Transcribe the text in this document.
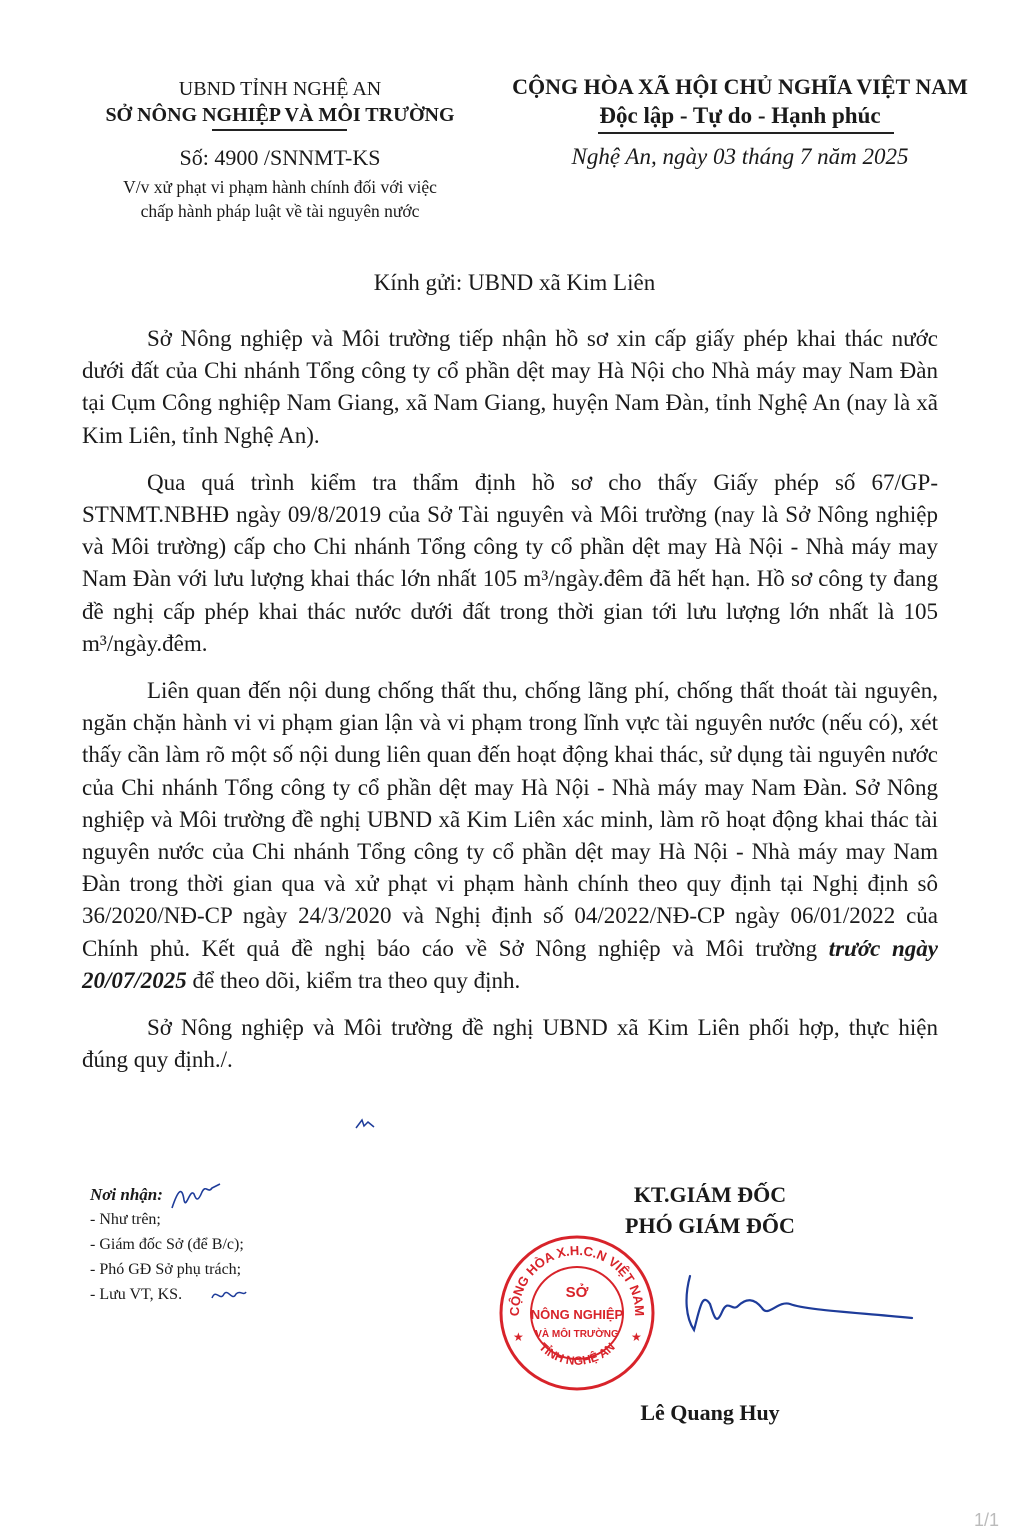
UBND TỈNH NGHỆ AN
SỞ NÔNG NGHIỆP VÀ MÔI TRƯỜNG
CỘNG HÒA XÃ HỘI CHỦ NGHĨA VIỆT NAM
Độc lập - Tự do - Hạnh phúc
Số: 4900 /SNNMT-KS	Nghệ An, ngày 03 tháng 7 năm 2025
V/v xử phạt vi phạm hành chính đối với việc
chấp hành pháp luật về tài nguyên nước
Kính gửi: UBND xã Kim Liên

Sở Nông nghiệp và Môi trường tiếp nhận hồ sơ xin cấp giấy phép khai thác nước dưới đất của Chi nhánh Tổng công ty cổ phần dệt may Hà Nội cho Nhà máy may Nam Đàn tại Cụm Công nghiệp Nam Giang, xã Nam Giang, huyện Nam Đàn, tỉnh Nghệ An (nay là xã Kim Liên, tỉnh Nghệ An).

Qua quá trình kiểm tra thẩm định hồ sơ cho thấy Giấy phép số 67/GP-STNMT.NBHĐ ngày 09/8/2019 của Sở Tài nguyên và Môi trường (nay là Sở Nông nghiệp và Môi trường) cấp cho Chi nhánh Tổng công ty cổ phần dệt may Hà Nội - Nhà máy may Nam Đàn với lưu lượng khai thác lớn nhất 105 m³/ngày.đêm đã hết hạn. Hồ sơ công ty đang đề nghị cấp phép khai thác nước dưới đất trong thời gian tới lưu lượng lớn nhất là 105 m³/ngày.đêm.

Liên quan đến nội dung chống thất thu, chống lãng phí, chống thất thoát tài nguyên, ngăn chặn hành vi vi phạm gian lận và vi phạm trong lĩnh vực tài nguyên nước (nếu có), xét thấy cần làm rõ một số nội dung liên quan đến hoạt động khai thác, sử dụng tài nguyên nước của Chi nhánh Tổng công ty cổ phần dệt may Hà Nội - Nhà máy may Nam Đàn. Sở Nông nghiệp và Môi trường đề nghị UBND xã Kim Liên xác minh, làm rõ hoạt động khai thác tài nguyên nước của Chi nhánh Tổng công ty cổ phần dệt may Hà Nội - Nhà máy may Nam Đàn trong thời gian qua và xử phạt vi phạm hành chính theo quy định tại Nghị định sô 36/2020/NĐ-CP ngày 24/3/2020 và Nghị định số 04/2022/NĐ-CP ngày 06/01/2022 của Chính phủ. Kết quả đề nghị báo cáo về Sở Nông nghiệp và Môi trường trước ngày 20/07/2025 để theo dõi, kiểm tra theo quy định.

Sở Nông nghiệp và Môi trường đề nghị UBND xã Kim Liên phối hợp, thực hiện đúng quy định./.

Nơi nhận:
- Như trên;
- Giám đốc Sở (để B/c);
- Phó GĐ Sở phụ trách;
- Lưu VT, KS.
KT.GIÁM ĐỐC
PHÓ GIÁM ĐỐC
CỘNG HÒA X.H.C.N VIỆT NAM
TỈNH NGHỆ AN
SỞ
NÔNG NGHIỆP
VÀ MÔI TRƯỜNG
★	★
Lê Quang Huy
1/1
